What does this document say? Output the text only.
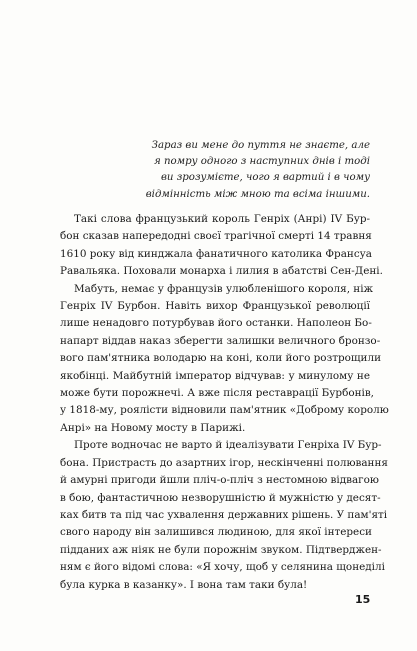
Зараз ви мене до пуття не знаєте, але
я помру одного з наступних днів і тоді
ви зрозумієте, чого я вартий і в чому
відмінність між мною та всіма іншими.
Такі слова французький король Генріх (Анрі) IV Бур-
бон сказав напередодні своєї трагічної смерті 14 травня
1610 року від кинджала фанатичного католика Франсуа
Равальяка. Поховали монарха і лилия в абатстві Сен-Дені.
Мабуть, немає у французів улюбленішого короля, ніж
Генріх IV Бурбон. Навіть вихор Французької революції
лише ненадовго потурбував його останки. Наполеон Бо-
напарт віддав наказ зберегти залишки величного бронзо-
вого пам'ятника володарю на коні, коли його розтрощили
якобінці. Майбутній імператор відчував: у минулому не
може бути порожнечі. А вже після реставрації Бурбонів,
у 1818-му, рояліcти відновили пам'ятник «Доброму королю
Анрі» на Новому мосту в Парижі.
Проте водночас не варто й ідеалізувати Генріха IV Бур-
бона. Пристрасть до азартних ігор, нескінченні полювання
й амурні пригоди йшли пліч-о-пліч з нестомною відвагою
в бою, фантастичною незворушністю й мужністю у десят-
ках битв та під час ухвалення державних рішень. У пам'яті
свого народу він залишився людиною, для якої інтереси
підданих аж ніяк не були порожнім звуком. Підтверджен-
ням є його відомі слова: «Я хочу, щоб у селянина щонеділі
була курка в казанку». І вона там таки була!
15
